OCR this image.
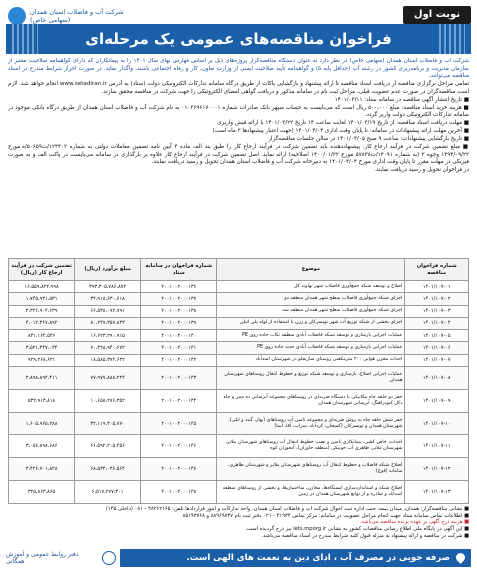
نوبت اول
شرکت آب و فاضلاب استان همدان
(سهامی خاص)
فراخوان مناقصه‌های عمومی یک مرحله‌ای

شرکت آب و فاضلاب استان همدان (سهامی خاص) در نظر دارد به عنوان دستگاه مناقصه‌گزار پروژه‌های ذیل بر اساس فهارس بهای سال ۱۴۰۱ را به پیمانکاران که دارای گواهینامه صلاحیت معتبر از سازمان مدیریت و برنامه‌ریزی کشور در رشته آب (حداقل پایه ۵) و گواهینامه تأیید صلاحیت ایمنی از وزارت تعاون، کار و رفاه اجتماعی باشند، واگذار نماید. در صورت احراز شرایط مندرج در اسناد مناقصه می‌توانند.

تمامی مراحل برگزاری مناقصه از دریافت اسناد مناقصه تا ارائه پیشنهاد و بازگشایی پاکات از طریق درگاه سامانه تدارکات الکترونیکی دولت (ستاد) به آدرس www.setadiran.ir انجام خواهد شد. لازم است مناقصه‌گران در صورت عدم عضویت قبلی، مراحل ثبت نام در سامانه مذکور و دریافت گواهی امضای الکترونیکی را جهت شرکت در مناقصه محقق سازند.

■ تاریخ انتشار آگهی مناقصه در سامانه ستاد: ۱۴۰۱/۰۳/۱۱

■ هزینه خرید اسناد مناقصه: مبلغ ۵۰۰،۰۰۰ ریال است که می‌بایست به حساب سپهر بانک صادرات شماره ۰۱۰۳۶۹۶۱۷۰۰۰۱ به نام شرکت آب و فاضلاب استان همدان از طریق درگاه بانکی موجود در سامانه تدارکات الکترونیکی دولت واریز گردد.

■ مهلت دریافت اسناد مناقصه: از تاریخ ۱۴۰۱/۰۳/۱۹ لغایت ساعت ۱۴ تاریخ ۱۴۰۱/۰۳/۲۲ با ارائه فیش واریزی

■ آخرین مهلت ارائه پیشنهادات در سامانه: تا پایان وقت اداری ۱۴۰۱/۰۴/۰۴ (جهت اعتبار پیشنهادها ۳ ماه است)

■ تاریخ بازگشایی پیشنهادات: ساعت ۹ صبح ۱۴۰۱/۰۴/۰۵ در سالن جلسات مناقصه‌گزار

■ مبلغ تضمین شرکت در فرآیند ارجاع کار: پیشنهاددهنده باید تضمین شرکت در فرآیند ارجاع کار را طبق بند الف ماده ۴ آیین نامه تضمین معاملات دولتی به شماره ۱۲۳۴۰۲/ت۵۰۶۵۹/ه مورخ ۱۳۹۴/۰۹/۲۲ وجوه ۲ (به شماره ۱۴۰۹۱/ت۵۷۸۳۸ مورخ ۱۴۰۰/۰۱/۲۲ اصلاحیه) ارائه نماید. اصل تضمین شرکت در فرآیند ارجاع کار علاوه بر بارگذاری در سامانه می‌بایست در پاکت الف و به صورت فیزیکی در مهلت مقرر تا پایان وقت اداری مورخ ۱۴۰۱/۰۴/۰۴ به دبیرخانه شرکت آب و فاضلاب استان همدان تحویل و رسید دریافت نمایند.

در فراخوان تحویل و رسید دریافت نمایند.

شماره فراخوان مناقصه	موضوع	شماره فراخوان در سامانه ستاد	مبلغ برآورد (ریال)	تضمین شرکت در فرآیند ارجاع کار (ریال)
۱۴۰۱/۱۰۷-۰۱	اصلاح و توسعه شبکه جمع‌آوری فاضلاب شهر نهاوند کل	۲۰۰۱۰۰۲۰۰۰۱۳۶	۳۹۳،۳۰۵،۷۸۶،۸۷۲	۱۶،۵۵۹،۸۲۲،۹۹۸
۱۴۰۱/۱۰۷-۰۲	اجرای شبکه جمع‌آوری فاضلاب سطح شهر همدان منطقه دو	۲۰۰۱۰۰۲۰۰۰۱۳۷	۳۴،۹۱۸،۶۳۰،۶۱۸	۱،۷۴۵،۹۳۱،۵۳۱
۱۴۰۱/۱۰۷-۰۳	اجرای شبکه جمع‌آوری فاضلاب سطح شهر همدان منطقه سه	۲۰۰۱۰۰۲۰۰۰۱۳۸	۶۶،۵۳۸،۰۹۲،۷۹۱	۳،۳۲۶،۹۰۴،۶۳۹
۱۴۰۱/۱۰۷-۰۴	اجرای بخشی از شبکه توزیع آب شهر تویسرکان و رزن با استفاده از لوله پلی اتیلن	۲۰۰۱۰۰۲۰۰۰۱۳۹	۸۰،۲۴۷،۳۵۷،۸۴۳	۴،۰۱۲،۳۶۷،۸۹۲
۱۴۰۱/۱۰۷-۰۵	عملیات اجرایی بازسازی و توسعه شبکه فاضلاب آبادی منطقه تکاب جاده روی PE	۲۰۰۱۰۰۲۰۰۰۱۴۰	۱۶،۶۲۳،۲۹۰،۹۱۵	۸۳۱،۱۶۴،۵۴۶
۱۴۰۱/۱۰۷-۰۶	عملیات اجرایی بازسازی و توسعه شبکه فاضلاب آبادی جدید جاده روی PE	۲۰۰۱۰۰۲۰۰۰۱۴۱	۷۰،۴۲۸،۹۴۰،۶۷۲	۳،۵۲۱،۴۴۷،۰۳۴
۱۴۰۱/۱۰۷-۰۷	احداث مخزن هوایی ۲۰۰ مترمکعبی روستای ساریجلو در شهرستان اسدآباد	۲۰۰۱۰۰۲۰۰۰۱۴۲	۱۸،۵۸۵،۳۷۲،۶۲۲	۹۲۹،۲۶۸،۶۳۱
۱۴۰۱/۱۰۷-۰۸	عملیات اجرایی اصلاح، بازسازی و توسعه شبکه توزیع و خطوط انتقال روستاهای شهرستان همدان	۲۰۰۱۰۰۲۰۰۰۱۴۳	۷۷،۹۷۷،۸۸۸،۲۲۴	۳،۸۹۸،۸۹۴،۴۱۱
۱۴۰۱/۱۰۷-۰۹	حفر دو حلقه چاه مکانیکی با دستگاه ضربه‌ای در روستاهای مجموعه آبرسانی ده منیر و چاه دکل کبودراهنگ، آبرسانی شهرستان همدان	۲۰۰۱۰۰۲۰۰۰۱۴۴	۱۰،۶۵۸،۲۷۶،۳۵۲	۵۳۲،۹۱۳،۸۱۸
۱۴۰۱/۱۰۷-۱۰	حفر شش حلقه چاه به روش ضربه‌ای و مجموعه تامین آب روستاهای (بهار، گنبد و ایلی)، شهرستان همدان و تویسرکان (کمیجان، کردآباد، سراب، آقا، آسا)	۲۰۰۱۰۰۲۰۰۰۱۴۵	۳۲،۱۱۹،۳۰۵،۷۷۰	۱،۶۰۵،۹۶۵،۲۸۸
۱۴۰۱/۱۰۷-۱۱	احداث، خاص کشی، پیمانکاری تامین و نصب خطوط انتقال آب روستاهای شهرستان ملایر، شهرستان ملایر، طاهری آب خونیکی (منطقه خاوران)، آبخوران کوه	۲۰۰۱۰۰۲۰۰۰۱۴۶	۶۶،۵۹۲،۲۰۵،۴۵۶	۳،۰۵۶،۸۹۸،۶۸۶
۱۴۰۱/۱۰۷-۱۲	اصلاح شبکه فاضلاب و خطوط انتقال آب روستاهای شهرستان ملایر و شهرستان طاهری، سامانه (قوچ)	۲۰۰۱۰۰۲۰۰۰۱۴۷	۶۸،۵۳۴،۰۳۶،۵۶۴	۳،۴۲۶،۷۰۱،۸۲۸
۱۴۰۱/۱۰۷-۱۳	اصلاح شبکه و استانداردسازی ایستگاه‌ها، مخازن، ساختمان‌ها، و بخشی از روستاهای منطقه اسدآباد و شاذره و از توابع شهرستان همدان در زمین	۲۰۰۱۰۰۲۰۰۰۱۴۸	۶،۵۱۷،۲۷۷،۳۰۱	۳۲۵،۸۶۳،۸۶۵
■ نشانی مناقصه‌گزار: همدان، میدان بیمه، جنب اداره ثبت احوال شرکت آب و فاضلاب استان همدان، واحد تدارکات و امور قراردادها تلفن: ۳۸۲۶۲۱۶۵ - ۰۸۱ (داخلی ۱۴۵)
■ اطلاعات تماس سامانه ستاد جهت انجام مراحل عضویت در سامانه: مرکز تماس ۴۱۹۳۴ - ۰۲۱ دفتر ثبت نام ۸۸۹۶۹۷۳۷ و ۸۵۱۹۳۷۶۸
■ هزینه درج آگهی بر عهده برنده مناقصه می‌باشد.
■ این آگهی در پایگاه ملی اطلاع رسانی مناقصات کشور به نشانی iets.mporg.ir نیز درج گردیده است.
■ شرکت در مناقصه و ارائه پیشنهاد به منزله قبول کلیه شرایط مندرج در اسناد مناقصه می‌باشد.
صرفه جویی در مصرف آب ، ادای دین به نعمت های الهی است.
دفتر روابط عمومی و آموزش همگانی
